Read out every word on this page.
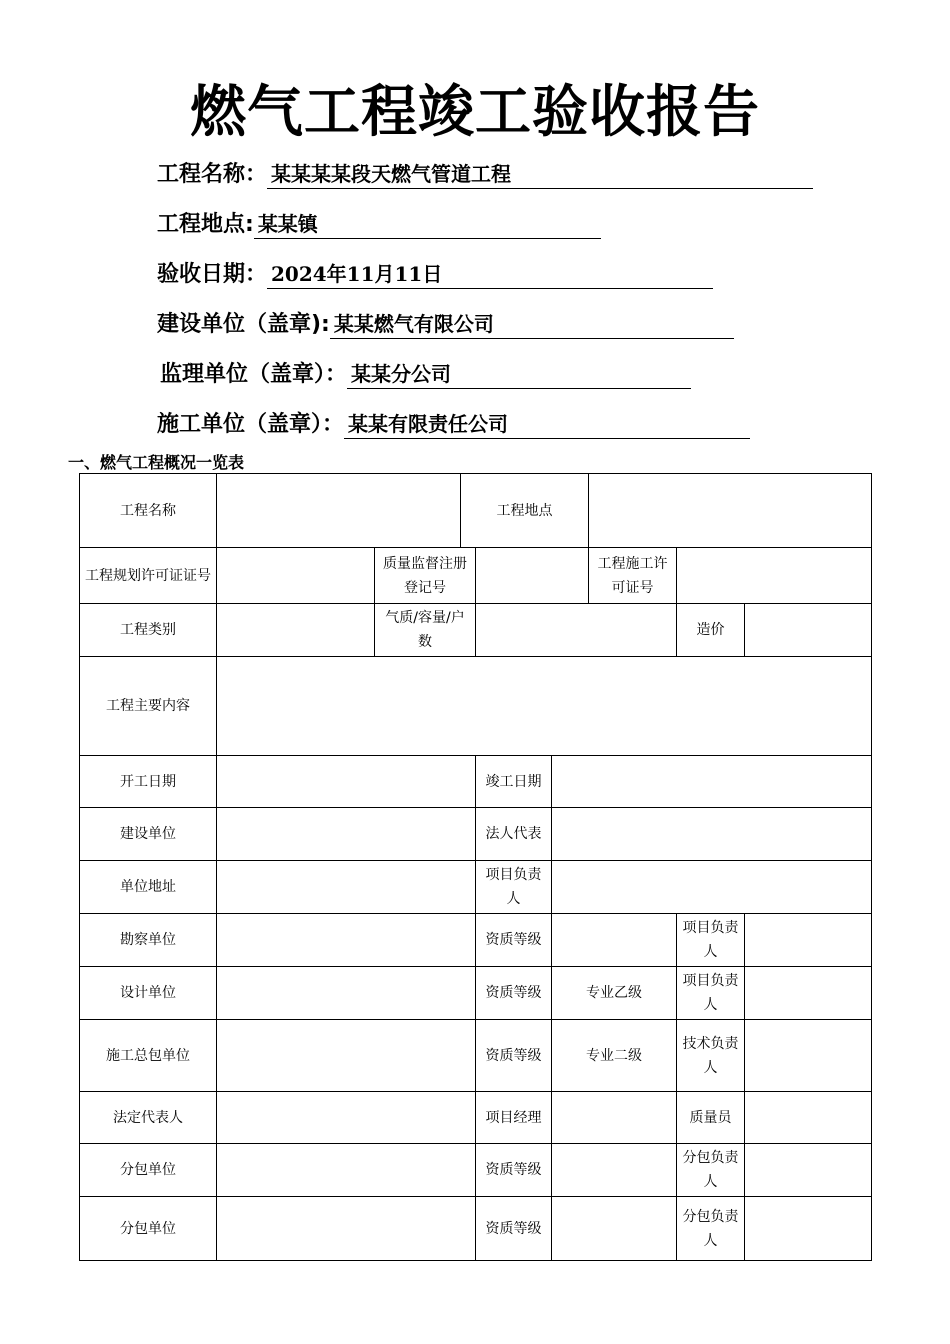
燃气工程竣工验收报告
工程名称： 某某某某段天燃气管道工程
工程地点: 某某镇
验收日期： 2024年11月11日
建设单位（盖章): 某某燃气有限公司
监理单位（盖章）： 某某分公司
施工单位（盖章）： 某某有限责任公司
一、燃气工程概况一览表
工程名称			工程地点					
工程规划许可证证号		质量监督注册登记号				工程施工许可证号		
工程类别		气质/容量/户数					造价	
工程主要内容								
开工日期				竣工日期				
建设单位				法人代表				
单位地址				项目负责人				
勘察单位				资质等级			项目负责人	
设计单位				资质等级	专业乙级		项目负责人	
施工总包单位				资质等级	专业二级		技术负责人	
法定代表人				项目经理			质量员	
分包单位				资质等级			分包负责人	
分包单位				资质等级			分包负责人	
